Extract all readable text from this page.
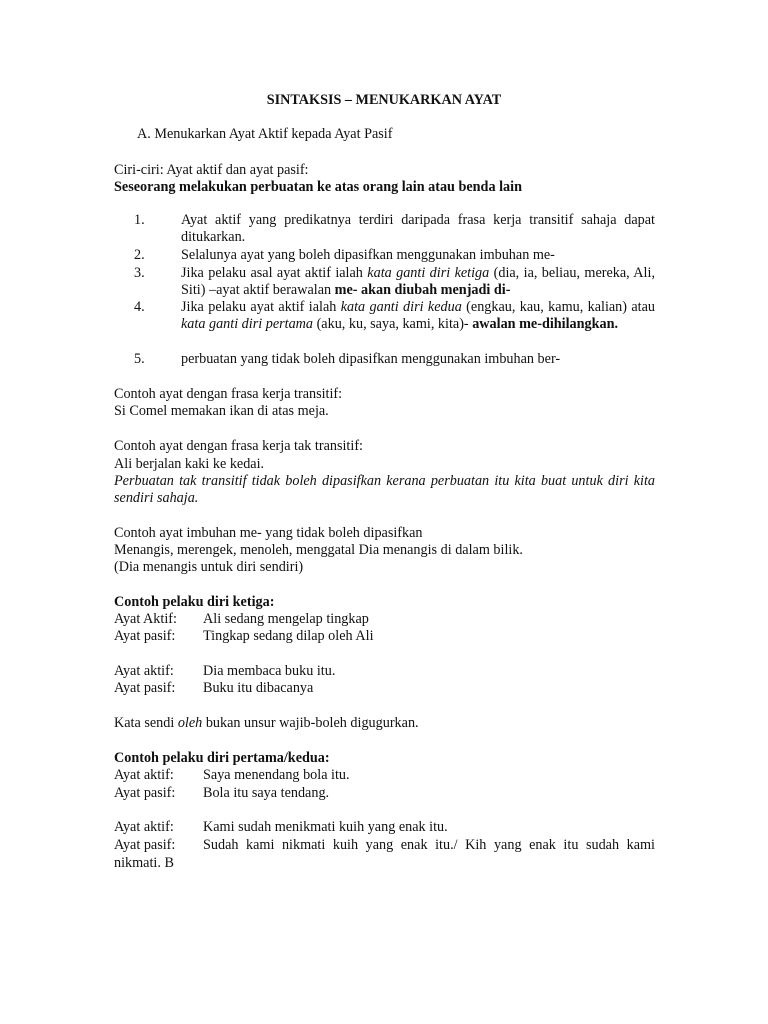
SINTAKSIS – MENUKARKAN AYAT
A. Menukarkan Ayat Aktif kepada Ayat Pasif
Ciri-ciri: Ayat aktif dan ayat pasif:
Seseorang melakukan perbuatan ke atas orang lain atau benda lain
1.	Ayat aktif yang predikatnya terdiri daripada frasa kerja transitif sahaja dapat ditukarkan.
2.	Selalunya ayat yang boleh dipasifkan menggunakan imbuhan me-
3.	Jika pelaku asal ayat aktif ialah kata ganti diri ketiga (dia, ia, beliau, mereka, Ali, Siti) –ayat aktif berawalan me- akan diubah menjadi di-
4.	Jika pelaku ayat aktif ialah kata ganti diri kedua (engkau, kau, kamu, kalian) atau kata ganti diri pertama (aku, ku, saya, kami, kita)- awalan me-dihilangkan.
5.	perbuatan yang tidak boleh dipasifkan menggunakan imbuhan ber-
Contoh ayat dengan frasa kerja transitif:
Si Comel memakan ikan di atas meja.
Contoh ayat dengan frasa kerja tak transitif:
Ali berjalan kaki ke kedai.
Perbuatan tak transitif tidak boleh dipasifkan kerana perbuatan itu kita buat untuk diri kita sendiri sahaja.
Contoh ayat imbuhan me- yang tidak boleh dipasifkan
Menangis, merengek, menoleh, menggatal Dia menangis di dalam bilik.
(Dia menangis untuk diri sendiri)
Contoh pelaku diri ketiga:
Ayat Aktif: Ali sedang mengelap tingkap
Ayat pasif: Tingkap sedang dilap oleh Ali
Ayat aktif: Dia membaca buku itu.
Ayat pasif: Buku itu dibacanya
Kata sendi oleh bukan unsur wajib-boleh digugurkan.
Contoh pelaku diri pertama/kedua:
Ayat aktif: Saya menendang bola itu.
Ayat pasif: Bola itu saya tendang.
Ayat aktif: Kami sudah menikmati kuih yang enak itu.
Ayat pasif: Sudah kami nikmati kuih yang enak itu./ Kih yang enak itu sudah kami
nikmati. B
